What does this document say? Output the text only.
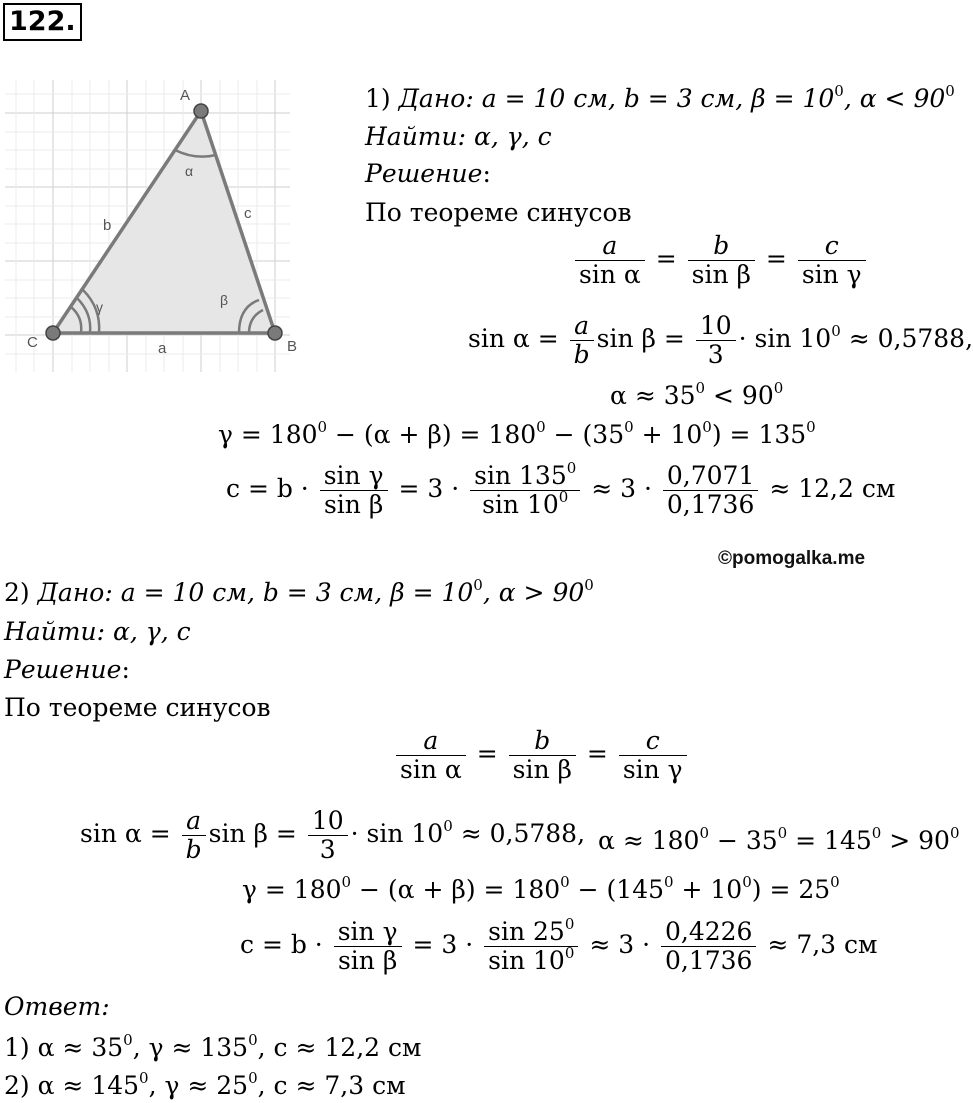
122.
A
B
C	a
b
c
α
β
γ
1) Дано: a = 10 см, b = 3 см, $\beta = 10^0$, $\alpha < 90^0$
Найти: α, γ, c
Решение:
По теореме синусов
$\frac{a}{\text{sin α}} = \frac{b}{\text{sin β}} = \frac{c}{\text{sin γ}}$
$\sin \alpha = \frac{a}{b}$ $\sin \beta = \frac{10}{3} \cdot \sin 10^0 \approx 0,5788$,
$\alpha \approx 35^0 < 90^0$
$\gamma = 180^0 - (\alpha + \beta) = 180^0 - (35^0 + 10^0) = 135^0$
$c = b \cdot \frac{\text{sin γ}}{\text{sin β}} = 3 \cdot \frac{\sin 135^0}{\sin 10^0} \approx 3 \cdot \frac{0,7071}{0,1736} \approx 12,2$ см
©pomogalka.me
2) Дано: a = 10 см, b = 3 см, $\beta = 10^0$, $\alpha > 90^0$
Найти: α, γ, c
Решение:
По теореме синусов
$\frac{a}{\text{sin α}} = \frac{b}{\text{sin β}} = \frac{c}{\text{sin γ}}$
$\sin \alpha = \frac{a}{b}$ $\sin \beta = \frac{10}{3} \cdot \sin 10^0 \approx 0,5788$, $\alpha \approx 180^0 - 35^0 = 145^0 > 90^0$
$\gamma = 180^0 - (\alpha + \beta) = 180^0 - (145^0 + 10^0) = 25^0$
$c = b \cdot \frac{\text{sin γ}}{\text{sin β}} = 3 \cdot \frac{\sin 25^0}{\sin 10^0} \approx 3 \cdot \frac{0,4226}{0,1736} \approx 7,3$ см
Ответ:
1) $\alpha \approx 35^0$, $\gamma \approx 135^0$, c ≈ 12,2 см
2) $\alpha \approx 145^0$, $\gamma \approx 25^0$, c ≈ 7,3 см
